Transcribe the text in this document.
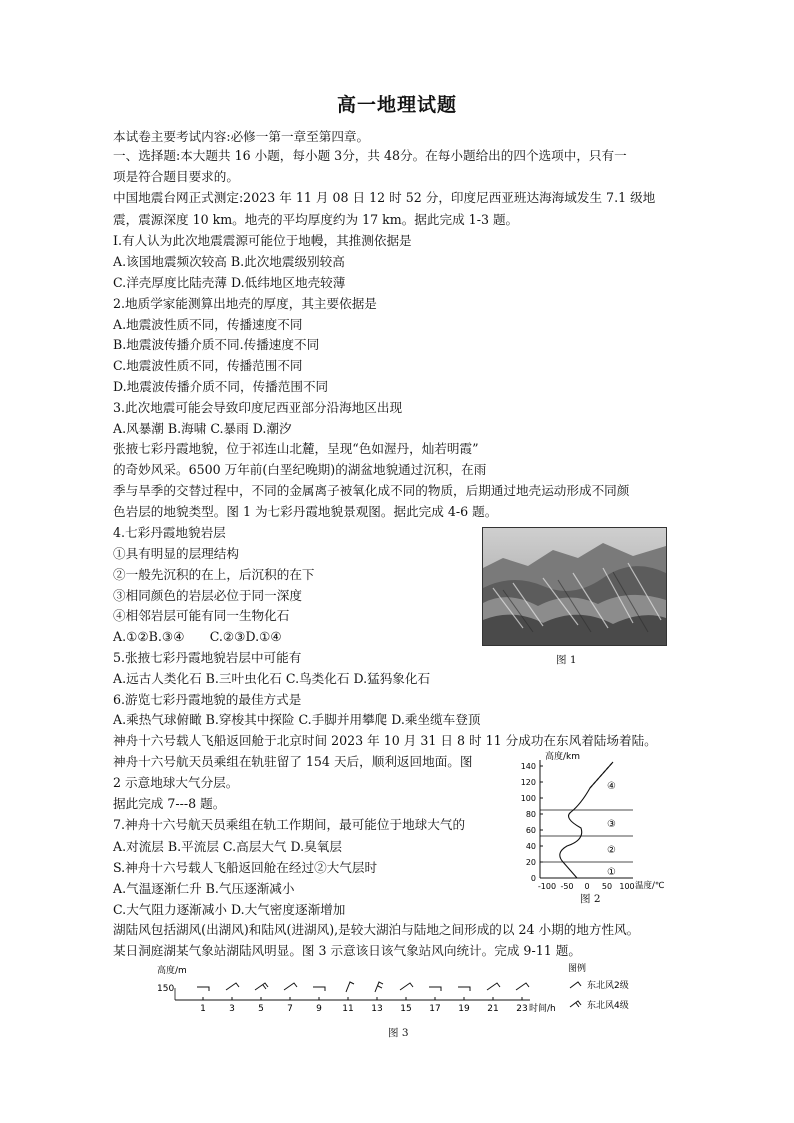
高一地理试题
本试卷主要考试内容:必修一第一章至第四章。
一、选择题:本大题共 16 小题，每小题 3分，共 48分。在每小题给出的四个选项中，只有一
项是符合题目要求的。
中国地震台网正式测定:2023 年 11 月 08 日 12 时 52 分，印度尼西亚班达海海域发生 7.1 级地
震，震源深度 10 km。地壳的平均厚度约为 17 km。据此完成 1-3 题。
I.有人认为此次地震震源可能位于地幔，其推测依据是
A.该国地震频次较高 B.此次地震级别较高
C.洋壳厚度比陆壳薄 D.低纬地区地壳较薄
2.地质学家能测算出地壳的厚度，其主要依据是
A.地震波性质不同，传播速度不同
B.地震波传播介质不同.传播速度不同
C.地震波性质不同，传播范围不同
D.地震波传播介质不同，传播范围不同
3.此次地震可能会导致印度尼西亚部分沿海地区出现
A.风暴潮 B.海啸 C.暴雨 D.潮汐
张掖七彩丹霞地貌，位于祁连山北麓，呈现“色如渥丹，灿若明霞”
的奇妙风采。6500 万年前(白垩纪晚期)的湖盆地貌通过沉积，在雨
季与旱季的交替过程中，不同的金属离子被氧化成不同的物质，后期通过地壳运动形成不同颜
色岩层的地貌类型。图 1 为七彩丹霞地貌景观图。据此完成 4-6 题。
4.七彩丹霞地貌岩层
①具有明显的层理结构
②一般先沉积的在上，后沉积的在下
③相同颜色的岩层必位于同一深度
④相邻岩层可能有同一生物化石
A.①②B.③④　　C.②③D.①④
5.张掖七彩丹霞地貌岩层中可能有
A.远古人类化石 B.三叶虫化石 C.鸟类化石 D.猛犸象化石
6.游览七彩丹霞地貌的最佳方式是
A.乘热气球俯瞰 B.穿梭其中探险 C.手脚并用攀爬 D.乘坐缆车登顶
神舟十六号载人飞船返回舱于北京时间 2023 年 10 月 31 日 8 时 11 分成功在东风着陆场着陆。
神舟十六号航天员乘组在轨驻留了 154 天后，顺利返回地面。图
2 示意地球大气分层。
据此完成 7---8 题。
7.神舟十六号航天员乘组在轨工作期间，最可能位于地球大气的
A.对流层 B.平流层 C.高层大气 D.臭氧层
S.神舟十六号载人飞船返回舱在经过②大气层时
A.气温逐渐仁升 B.气压逐渐减小
C.大气阻力逐渐减小 D.大气密度逐渐增加
湖陆风包括湖风(出湖风)和陆风(进湖风),是较大湖泊与陆地之间形成的以 24 小期的地方性风。
某日洞庭湖某气象站湖陆风明显。图 3 示意该日该气象站风向统计。完成 9-11 题。
图 1
高度/km
140
120
100
80
60
40
20
0
-100 -50 0 50 100
④
③
②
①
温度/℃
图 2
高度/m
150
1	3	5	7	9 11 13 15 17 19 21 23 时间/h
图例
东北风2级
东北风4级
图 3
